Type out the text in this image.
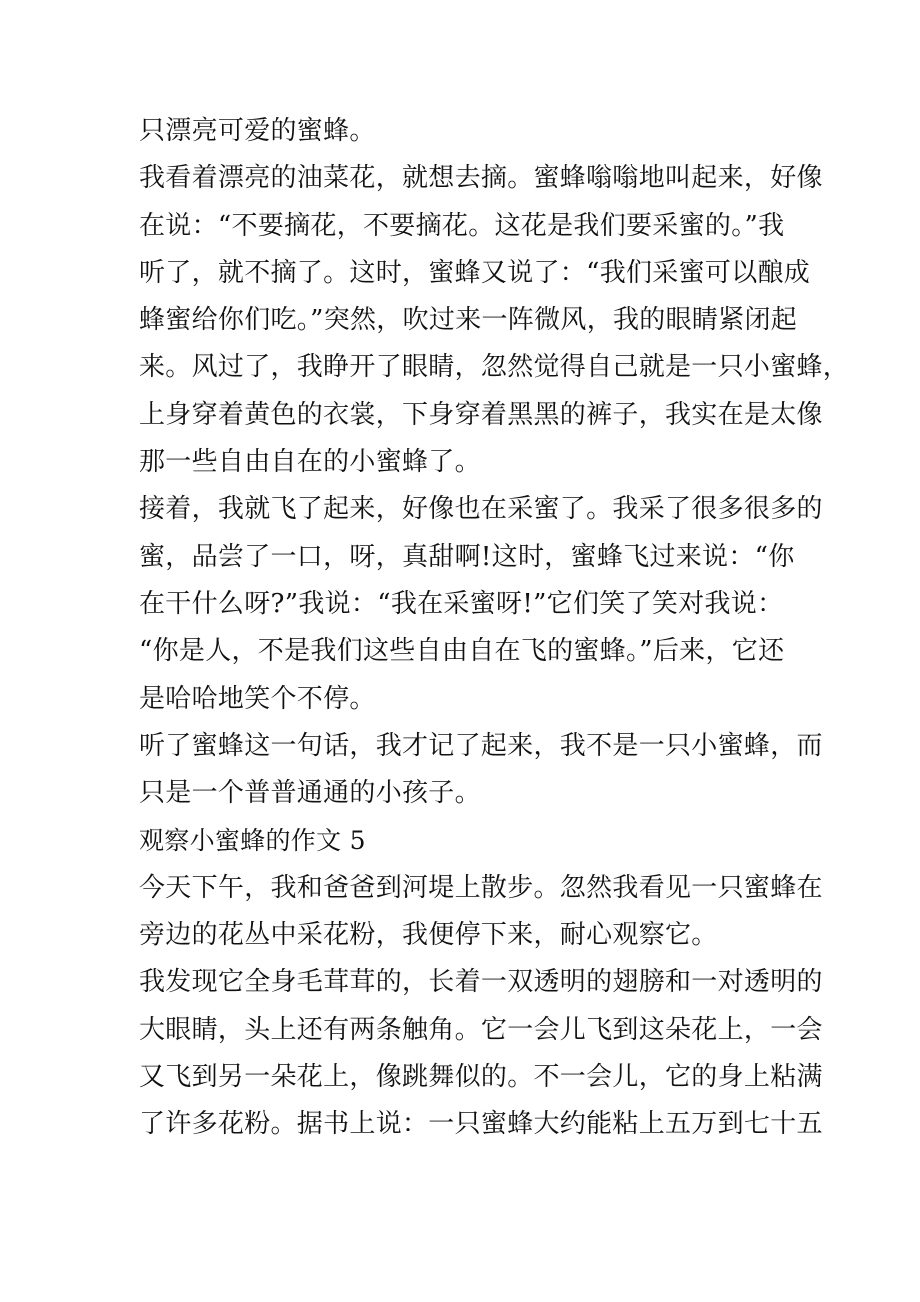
只漂亮可爱的蜜蜂。
我看着漂亮的油菜花，就想去摘。蜜蜂嗡嗡地叫起来，好像
在说：“不要摘花，不要摘花。这花是我们要采蜜的。”我
听了，就不摘了。这时，蜜蜂又说了：“我们采蜜可以酿成
蜂蜜给你们吃。”突然，吹过来一阵微风，我的眼睛紧闭起
来。风过了，我睁开了眼睛，忽然觉得自己就是一只小蜜蜂，
上身穿着黄色的衣裳，下身穿着黑黑的裤子，我实在是太像
那一些自由自在的小蜜蜂了。
接着，我就飞了起来，好像也在采蜜了。我采了很多很多的
蜜，品尝了一口，呀，真甜啊!这时，蜜蜂飞过来说：“你
在干什么呀?”我说：“我在采蜜呀!”它们笑了笑对我说：
“你是人，不是我们这些自由自在飞的蜜蜂。”后来，它还
是哈哈地笑个不停。
听了蜜蜂这一句话，我才记了起来，我不是一只小蜜蜂，而
只是一个普普通通的小孩子。
观察小蜜蜂的作文 5
今天下午，我和爸爸到河堤上散步。忽然我看见一只蜜蜂在
旁边的花丛中采花粉，我便停下来，耐心观察它。
我发现它全身毛茸茸的，长着一双透明的翅膀和一对透明的
大眼睛，头上还有两条触角。它一会儿飞到这朵花上，一会
又飞到另一朵花上，像跳舞似的。不一会儿，它的身上粘满
了许多花粉。据书上说：一只蜜蜂大约能粘上五万到七十五
